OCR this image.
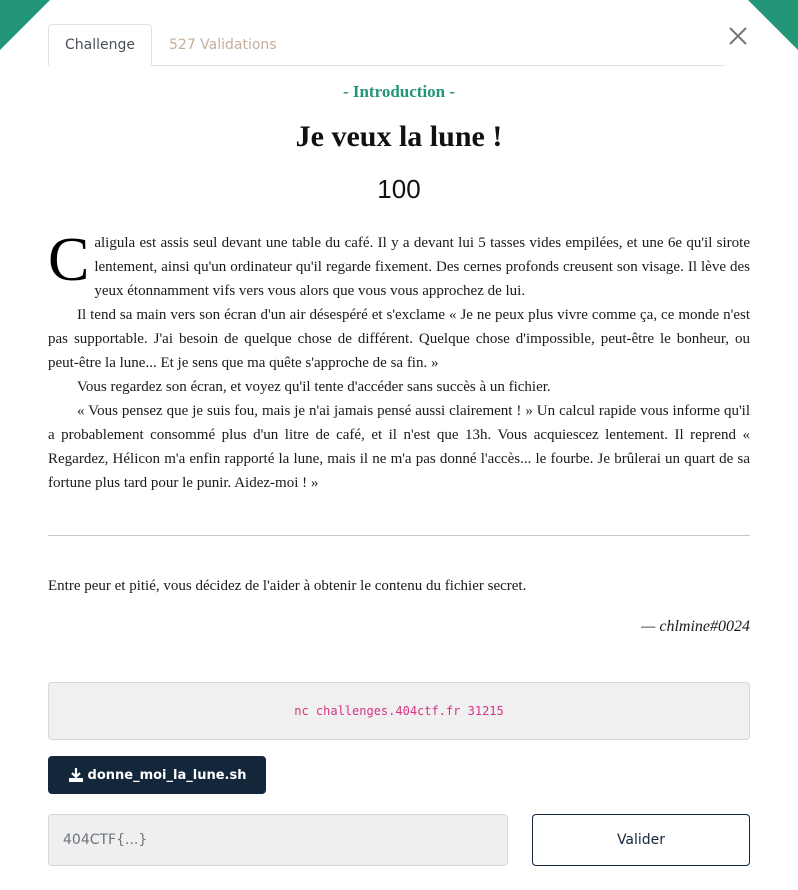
Challenge	527 Validations
- Introduction -
Je veux la lune !
100

Caligula est assis seul devant une table du café. Il y a devant lui 5 tasses vides empilées, et une 6e qu'il sirote lentement, ainsi qu'un ordinateur qu'il regarde fixement. Des cernes profonds creusent son visage. Il lève des yeux étonnamment vifs vers vous alors que vous vous approchez de lui.

Il tend sa main vers son écran d'un air désespéré et s'exclame « Je ne peux plus vivre comme ça, ce monde n'est pas supportable. J'ai besoin de quelque chose de différent. Quelque chose d'impossible, peut-être le bonheur, ou peut-être la lune... Et je sens que ma quête s'approche de sa fin. »

Vous regardez son écran, et voyez qu'il tente d'accéder sans succès à un fichier.

« Vous pensez que je suis fou, mais je n'ai jamais pensé aussi clairement ! » Un calcul rapide vous informe qu'il a probablement consommé plus d'un litre de café, et il n'est que 13h. Vous acquiescez lentement. Il reprend « Regardez, Hélicon m'a enfin rapporté la lune, mais il ne m'a pas donné l'accès... le fourbe. Je brûlerai un quart de sa fortune plus tard pour le punir. Aidez-moi ! »

Entre peur et pitié, vous décidez de l'aider à obtenir le contenu du fichier secret.

— chlmine#0024

nc challenges.404ctf.fr 31215
donne_moi_la_lune.sh
404CTF{...}
Valider
